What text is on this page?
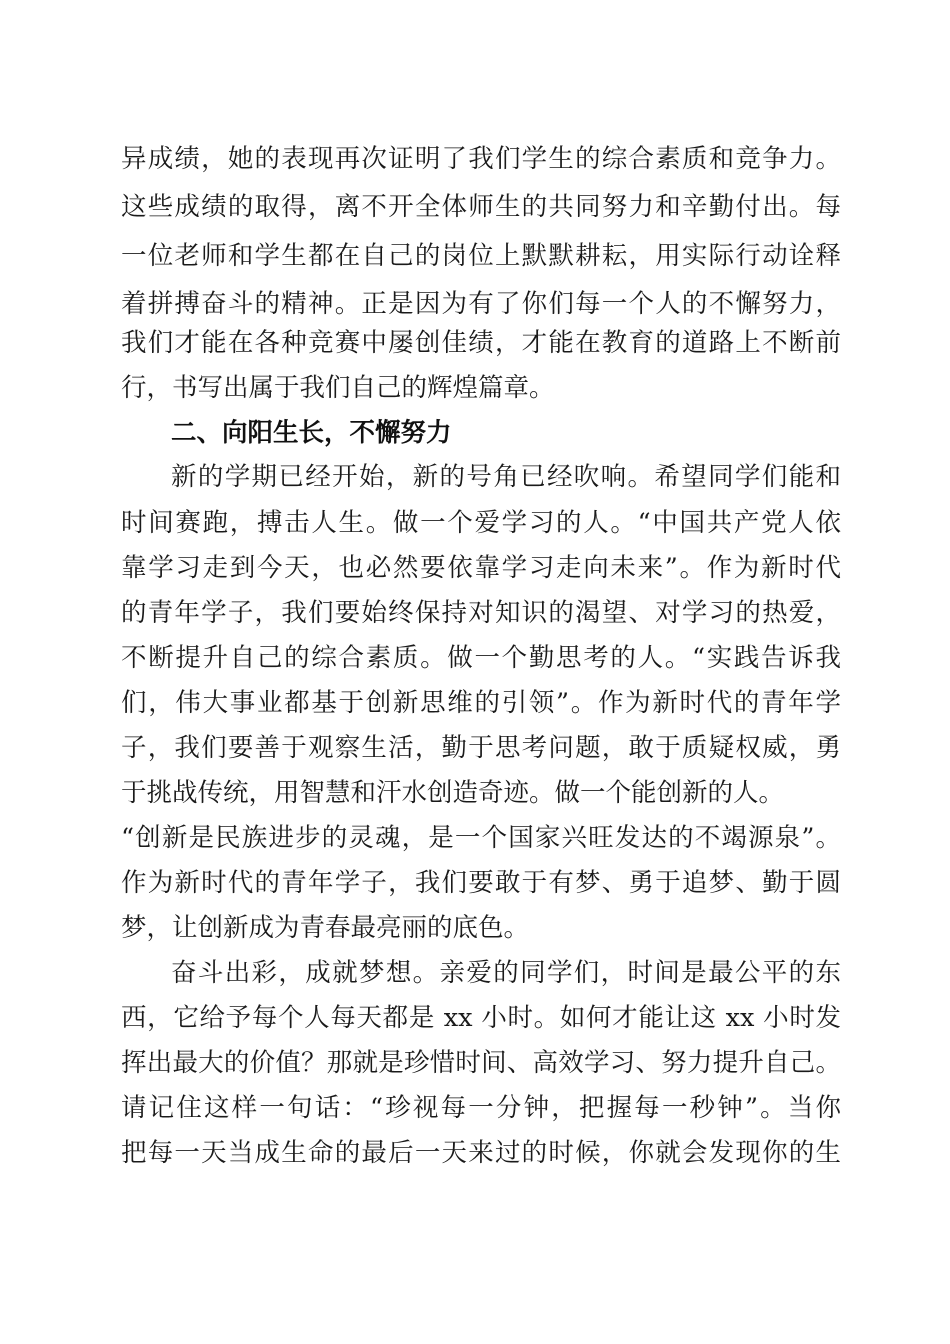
异成绩，她的表现再次证明了我们学生的综合素质和竞争力。
这些成绩的取得，离不开全体师生的共同努力和辛勤付出。每
一位老师和学生都在自己的岗位上默默耕耘，用实际行动诠释
着拼搏奋斗的精神。正是因为有了你们每一个人的不懈努力，
我们才能在各种竞赛中屡创佳绩，才能在教育的道路上不断前
行，书写出属于我们自己的辉煌篇章。
二、向阳生长，不懈努力
新的学期已经开始，新的号角已经吹响。希望同学们能和
时间赛跑，搏击人生。做一个爱学习的人。“中国共产党人依
靠学习走到今天，也必然要依靠学习走向未来”。作为新时代
的青年学子，我们要始终保持对知识的渴望、对学习的热爱，
不断提升自己的综合素质。做一个勤思考的人。“实践告诉我
们，伟大事业都基于创新思维的引领”。作为新时代的青年学
子，我们要善于观察生活，勤于思考问题，敢于质疑权威，勇
于挑战传统，用智慧和汗水创造奇迹。做一个能创新的人。
“创新是民族进步的灵魂，是一个国家兴旺发达的不竭源泉”。
作为新时代的青年学子，我们要敢于有梦、勇于追梦、勤于圆
梦，让创新成为青春最亮丽的底色。
奋斗出彩，成就梦想。亲爱的同学们，时间是最公平的东
西，它给予每个人每天都是 xx 小时。如何才能让这 xx 小时发
挥出最大的价值？那就是珍惜时间、高效学习、努力提升自己。
请记住这样一句话：“珍视每一分钟，把握每一秒钟”。当你
把每一天当成生命的最后一天来过的时候，你就会发现你的生
